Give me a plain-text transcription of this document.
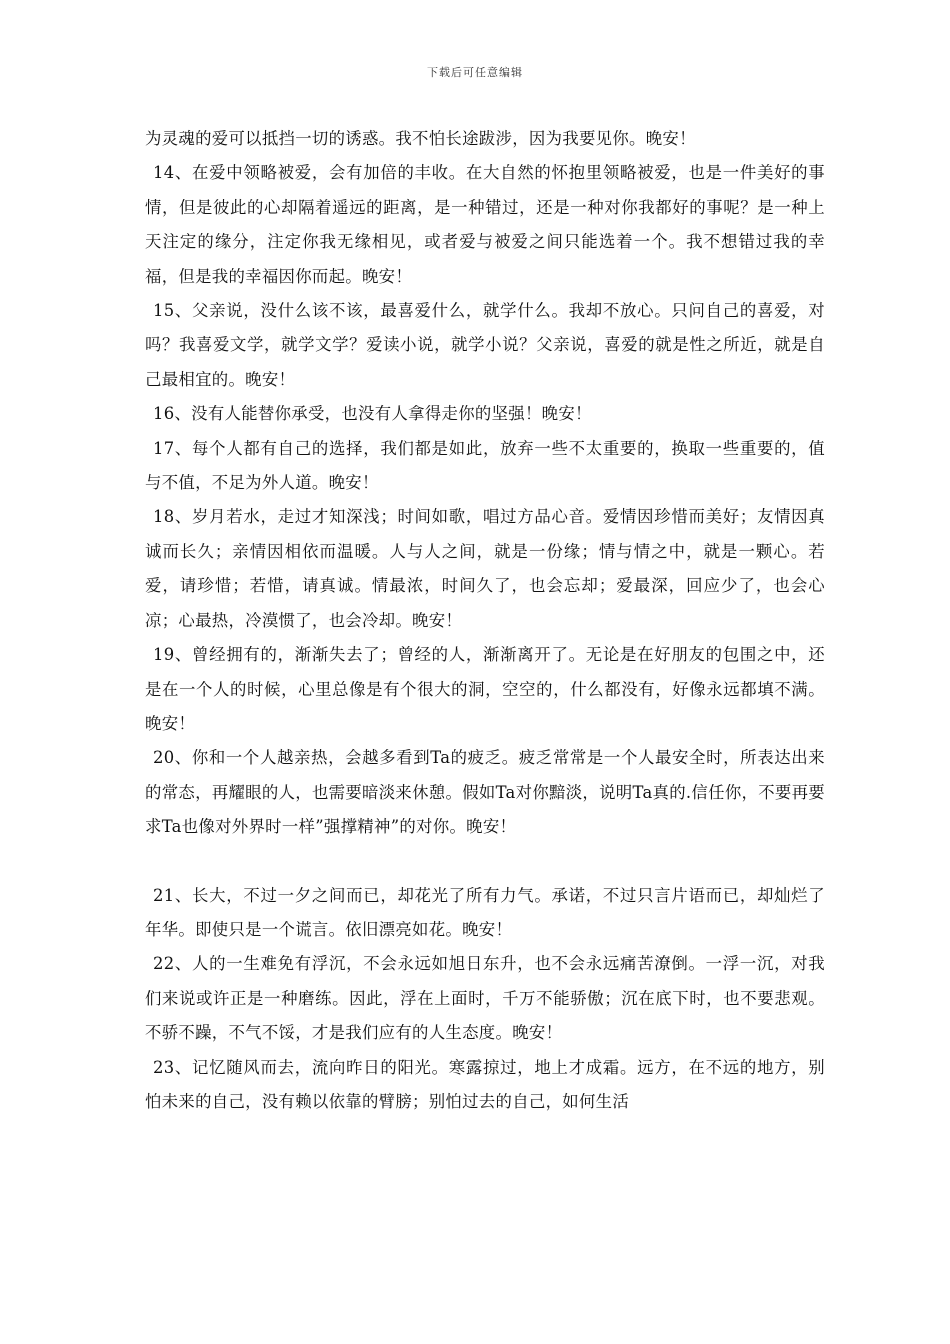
下载后可任意编辑

为灵魂的爱可以抵挡一切的诱惑。我不怕长途跋涉，因为我要见你。晚安！

14、在爱中领略被爱，会有加倍的丰收。在大自然的怀抱里领略被爱，也是一件美好的事情，但是彼此的心却隔着遥远的距离，是一种错过，还是一种对你我都好的事呢？是一种上天注定的缘分，注定你我无缘相见，或者爱与被爱之间只能选着一个。我不想错过我的幸福，但是我的幸福因你而起。晚安！

15、父亲说，没什么该不该，最喜爱什么，就学什么。我却不放心。只问自己的喜爱，对吗？我喜爱文学，就学文学？爱读小说，就学小说？父亲说，喜爱的就是性之所近，就是自己最相宜的。晚安！

16、没有人能替你承受，也没有人拿得走你的坚强！晚安！

17、每个人都有自己的选择，我们都是如此，放弃一些不太重要的，换取一些重要的，值与不值，不足为外人道。晚安！

18、岁月若水，走过才知深浅；时间如歌，唱过方品心音。爱情因珍惜而美好；友情因真诚而长久；亲情因相依而温暖。人与人之间，就是一份缘；情与情之中，就是一颗心。若爱，请珍惜；若惜，请真诚。情最浓，时间久了，也会忘却；爱最深，回应少了，也会心凉；心最热，冷漠惯了，也会冷却。晚安！

19、曾经拥有的，渐渐失去了；曾经的人，渐渐离开了。无论是在好朋友的包围之中，还是在一个人的时候，心里总像是有个很大的洞，空空的，什么都没有，好像永远都填不满。晚安！

20、你和一个人越亲热，会越多看到Ta的疲乏。疲乏常常是一个人最安全时，所表达出来的常态，再耀眼的人，也需要暗淡来休憩。假如Ta对你黯淡，说明Ta真的.信任你，不要再要求Ta也像对外界时一样”强撑精神”的对你。晚安！

21、长大，不过一夕之间而已，却花光了所有力气。承诺，不过只言片语而已，却灿烂了年华。即使只是一个谎言。依旧漂亮如花。晚安！

22、人的一生难免有浮沉，不会永远如旭日东升，也不会永远痛苦潦倒。一浮一沉，对我们来说或许正是一种磨练。因此，浮在上面时，千万不能骄傲；沉在底下时，也不要悲观。不骄不躁，不气不馁，才是我们应有的人生态度。晚安！

23、记忆随风而去，流向昨日的阳光。寒露掠过，地上才成霜。远方，在不远的地方，别怕未来的自己，没有赖以依靠的臂膀；别怕过去的自己，如何生活
